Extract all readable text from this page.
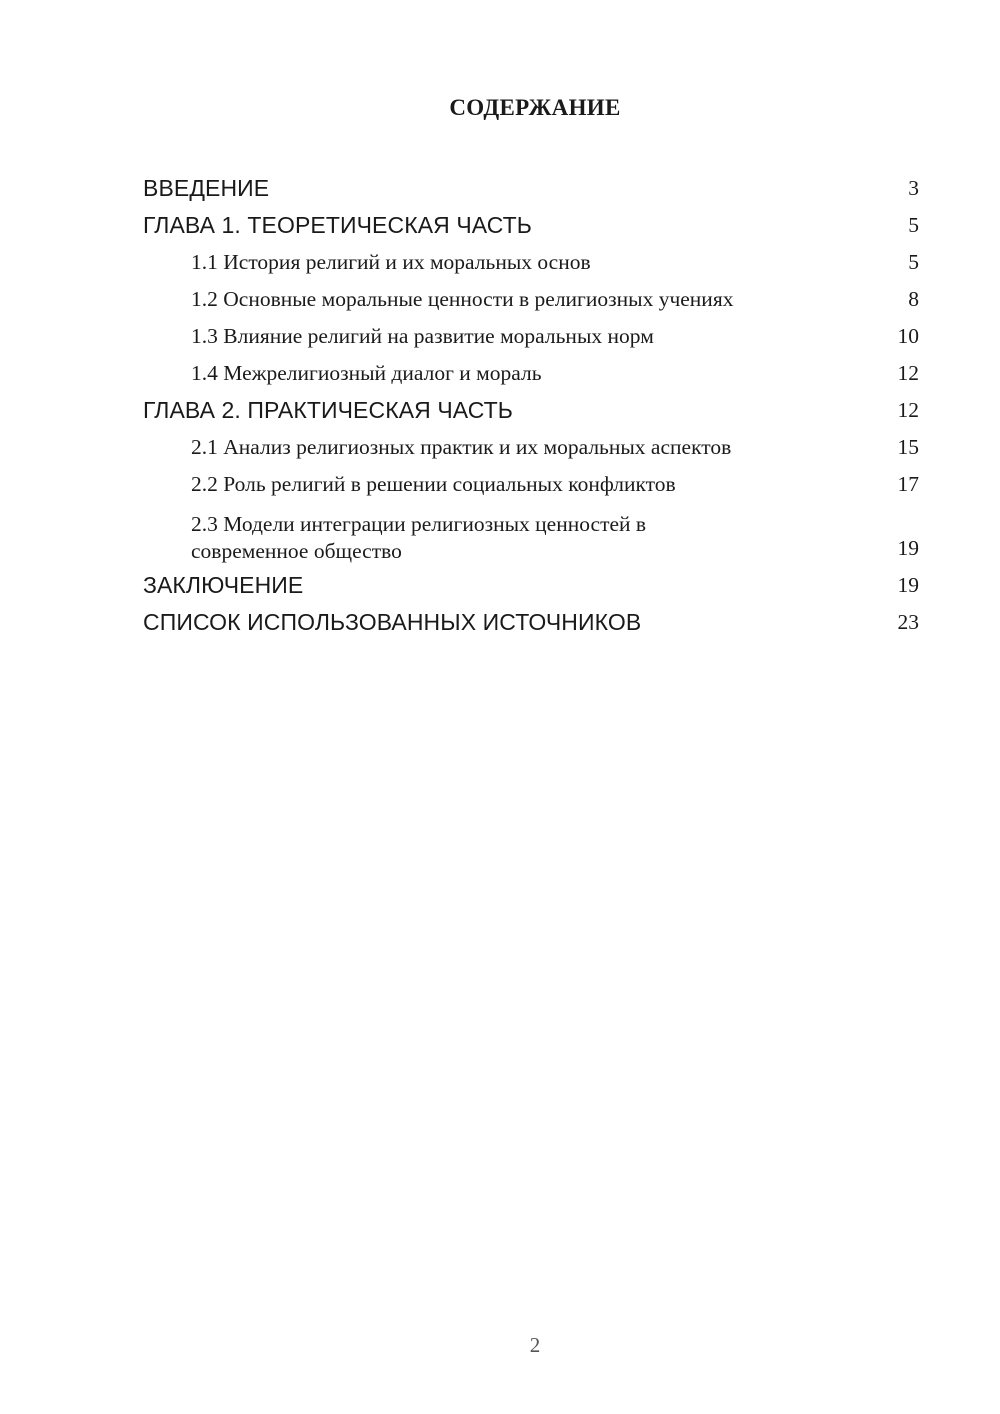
СОДЕРЖАНИЕ
ВВЕДЕНИЕ	3
ГЛАВА 1. ТЕОРЕТИЧЕСКАЯ ЧАСТЬ	5
1.1 История религий и их моральных основ	5
1.2 Основные моральные ценности в религиозных учениях	8
1.3 Влияние религий на развитие моральных норм	10
1.4 Межрелигиозный диалог и мораль	12
ГЛАВА 2. ПРАКТИЧЕСКАЯ ЧАСТЬ	12
2.1 Анализ религиозных практик и их моральных аспектов	15
2.2 Роль религий в решении социальных конфликтов	17
2.3 Модели интеграции религиозных ценностей в современное общество	19
ЗАКЛЮЧЕНИЕ	19
СПИСОК ИСПОЛЬЗОВАННЫХ ИСТОЧНИКОВ	23
2
